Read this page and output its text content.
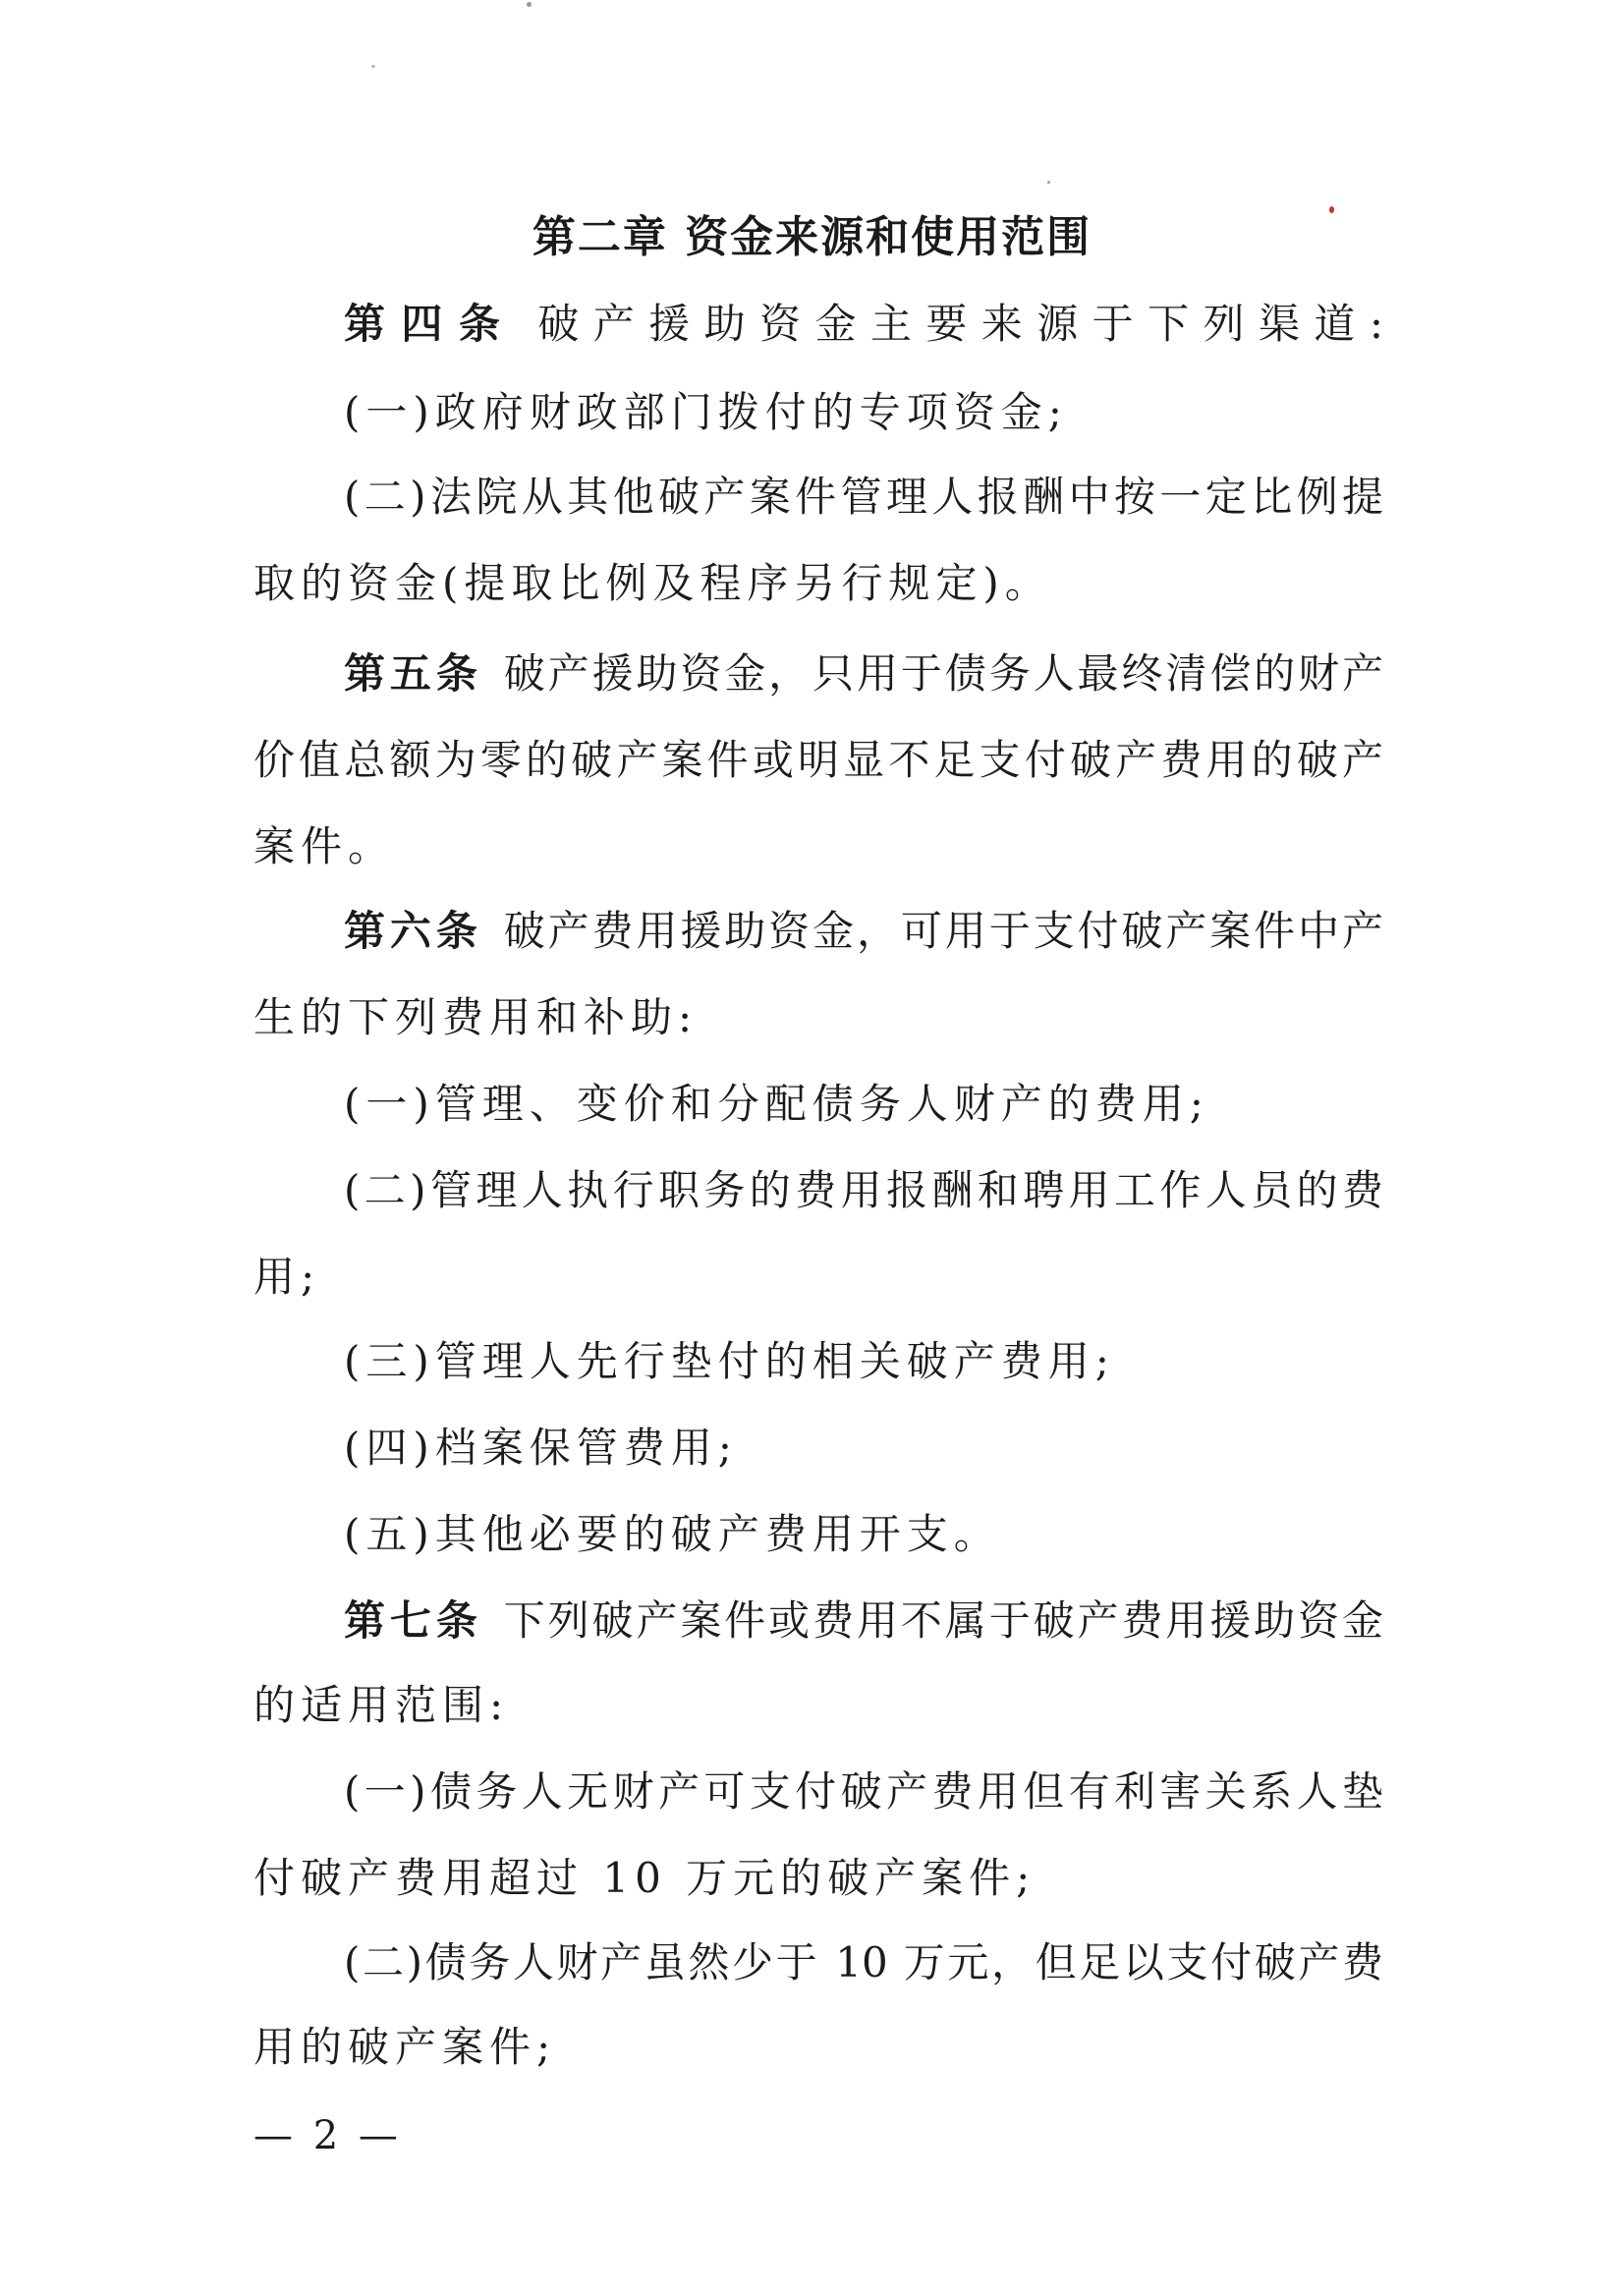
第二章 资金来源和使用范围
第四条 破产援助资金主要来源于下列渠道:
(一)政府财政部门拨付的专项资金;
(二)法院从其他破产案件管理人报酬中按一定比例提
取的资金(提取比例及程序另行规定)。
第五条 破产援助资金，只用于债务人最终清偿的财产
价值总额为零的破产案件或明显不足支付破产费用的破产
案件。
第六条 破产费用援助资金，可用于支付破产案件中产
生的下列费用和补助:
(一)管理、变价和分配债务人财产的费用;
(二)管理人执行职务的费用报酬和聘用工作人员的费
用;
(三)管理人先行垫付的相关破产费用;
(四)档案保管费用;
(五)其他必要的破产费用开支。
第七条 下列破产案件或费用不属于破产费用援助资金
的适用范围:
(一)债务人无财产可支付破产费用但有利害关系人垫
付破产费用超过 10 万元的破产案件;
(二)债务人财产虽然少于 10 万元，但足以支付破产费
用的破产案件;
— 2 —
